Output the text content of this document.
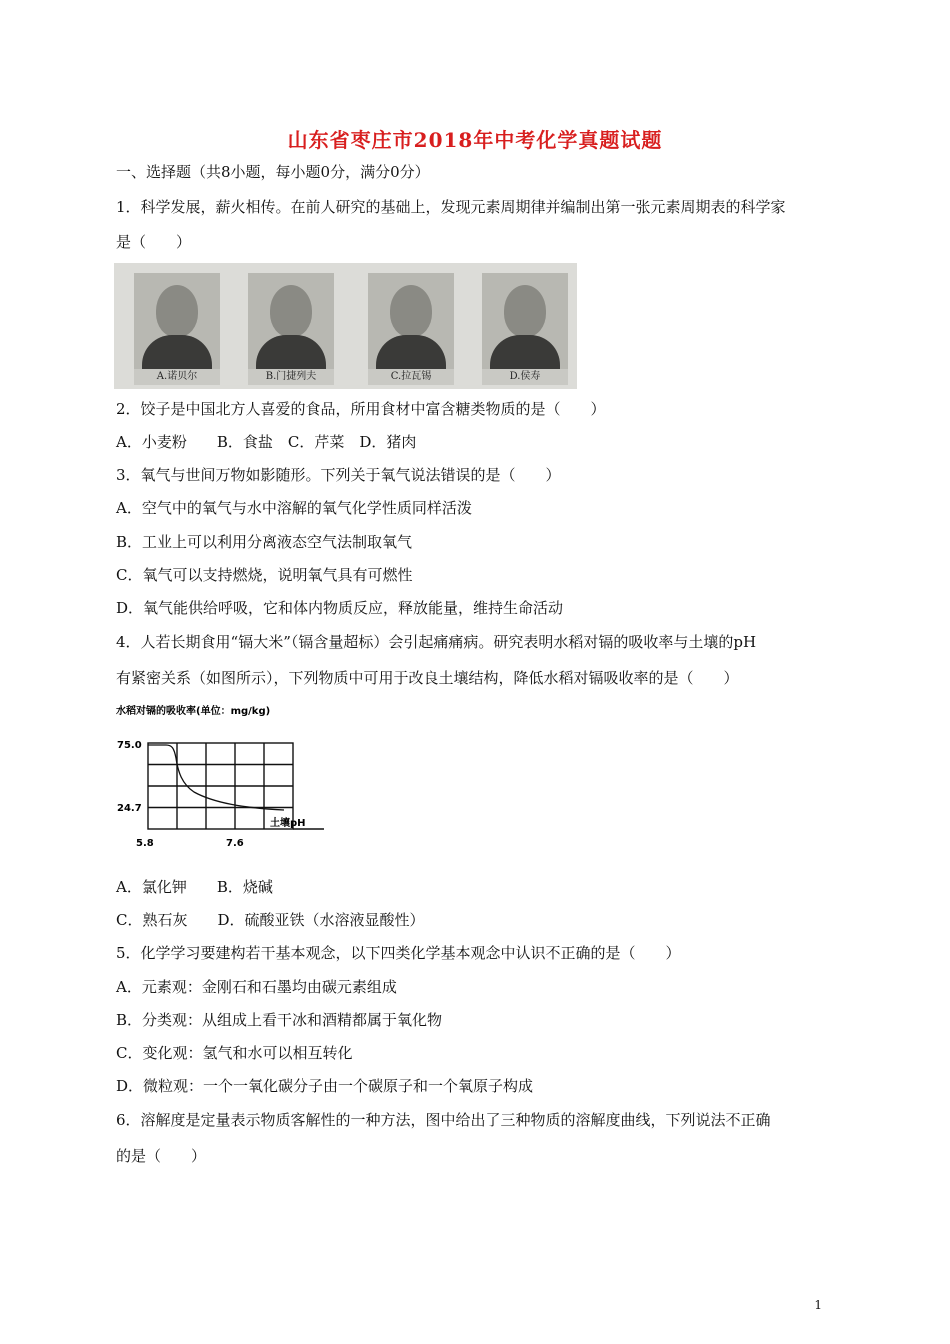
山东省枣庄市2018年中考化学真题试题
一、选择题（共8小题，每小题0分，满分0分）
1．科学发展，薪火相传。在前人研究的基础上，发现元素周期律并编制出第一张元素周期表的科学家
是（　　）
A.诺贝尔	B.门捷列夫	C.拉瓦锡	D.侯寿
2．饺子是中国北方人喜爱的食品，所用食材中富含糖类物质的是（　　）
A．小麦粉　　B．食盐　C．芹菜　D．猪肉
3．氧气与世间万物如影随形。下列关于氧气说法错误的是（　　）
A．空气中的氧气与水中溶解的氧气化学性质同样活泼
B．工业上可以利用分离液态空气法制取氧气
C．氧气可以支持燃烧，说明氧气具有可燃性
D．氧气能供给呼吸，它和体内物质反应，释放能量，维持生命活动
4．人若长期食用“镉大米”（镉含量超标）会引起痛痛病。研究表明水稻对镉的吸收率与土壤的pH
有紧密关系（如图所示），下列物质中可用于改良土壤结构，降低水稻对镉吸收率的是（　　）
水稻对镉的吸收率(单位：mg/kg)
75.0
24.7
土壤pH
5.8	7.6
A．氯化钾　　B．烧碱
C．熟石灰　　D．硫酸亚铁（水溶液显酸性）
5．化学学习要建构若干基本观念，以下四类化学基本观念中认识不正确的是（　　）
A．元素观：金刚石和石墨均由碳元素组成
B．分类观：从组成上看干冰和酒精都属于氧化物
C．变化观：氢气和水可以相互转化
D．微粒观：一个一氧化碳分子由一个碳原子和一个氧原子构成
6．溶解度是定量表示物质客解性的一种方法，图中给出了三种物质的溶解度曲线，下列说法不正确
的是（　　）
1
